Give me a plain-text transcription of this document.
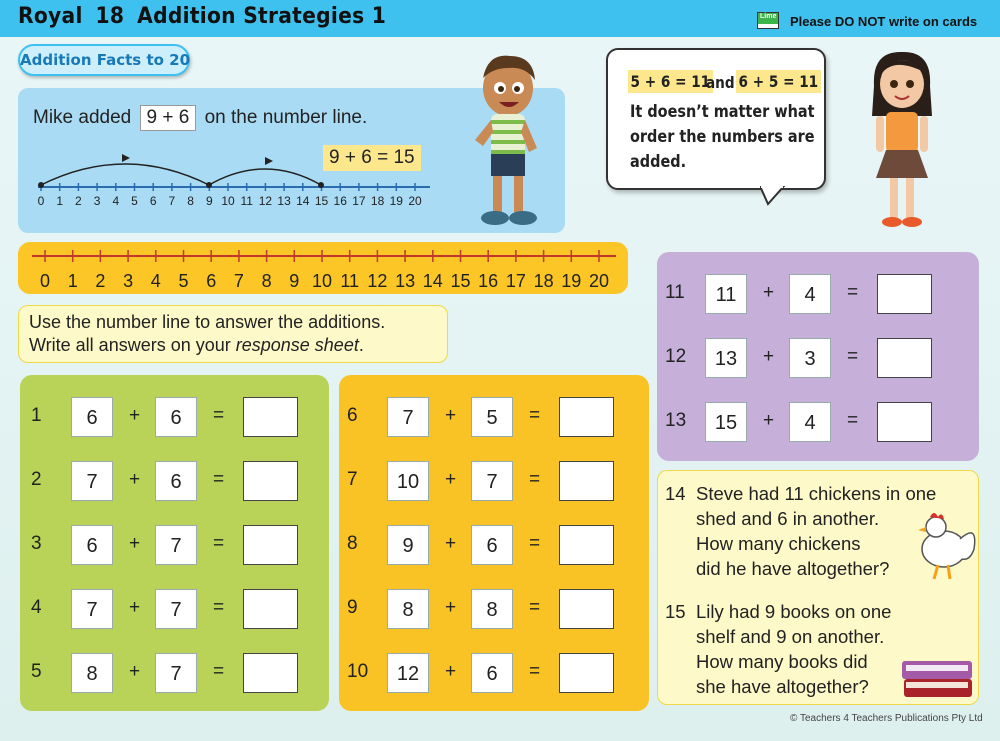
Royal 18 Addition Strategies 1	Lime Please DO NOT write on cards
Addition Facts to 20
Mike added 9 + 6 on the number line.
9 + 6 = 15
0 1 2 3 4 5 6 7 8 9 10 11 12 13 14 15 16 17 18 19 20
5 + 6 = 11
and 6 + 5 = 11
It doesn’t matter what
order the numbers are
added.
0 1 2 3 4 5 6 7 8 9 10 11 12 13 14 15 16 17 18 19 20
Use the number line to answer the additions.
Write all answers on your response sheet.
1	6	+	6	=
2	7	+	6	=
3	6	+	7	=
4	7	+	7	=
5	8	+	7	=
6	7	+	5	=
7	10	+	7	=
8	9	+	6	=
9	8	+	8	=
10	12	+	6	=
11	11	+	4	=
12	13	+	3	=
13	15	+	4	=
14 Steve had 11 chickens in one
shed and 6 in another.
How many chickens
did he have altogether?
15 Lily had 9 books on one
shelf and 9 on another.
How many books did
she have altogether?
© Teachers 4 Teachers Publications Pty Ltd
